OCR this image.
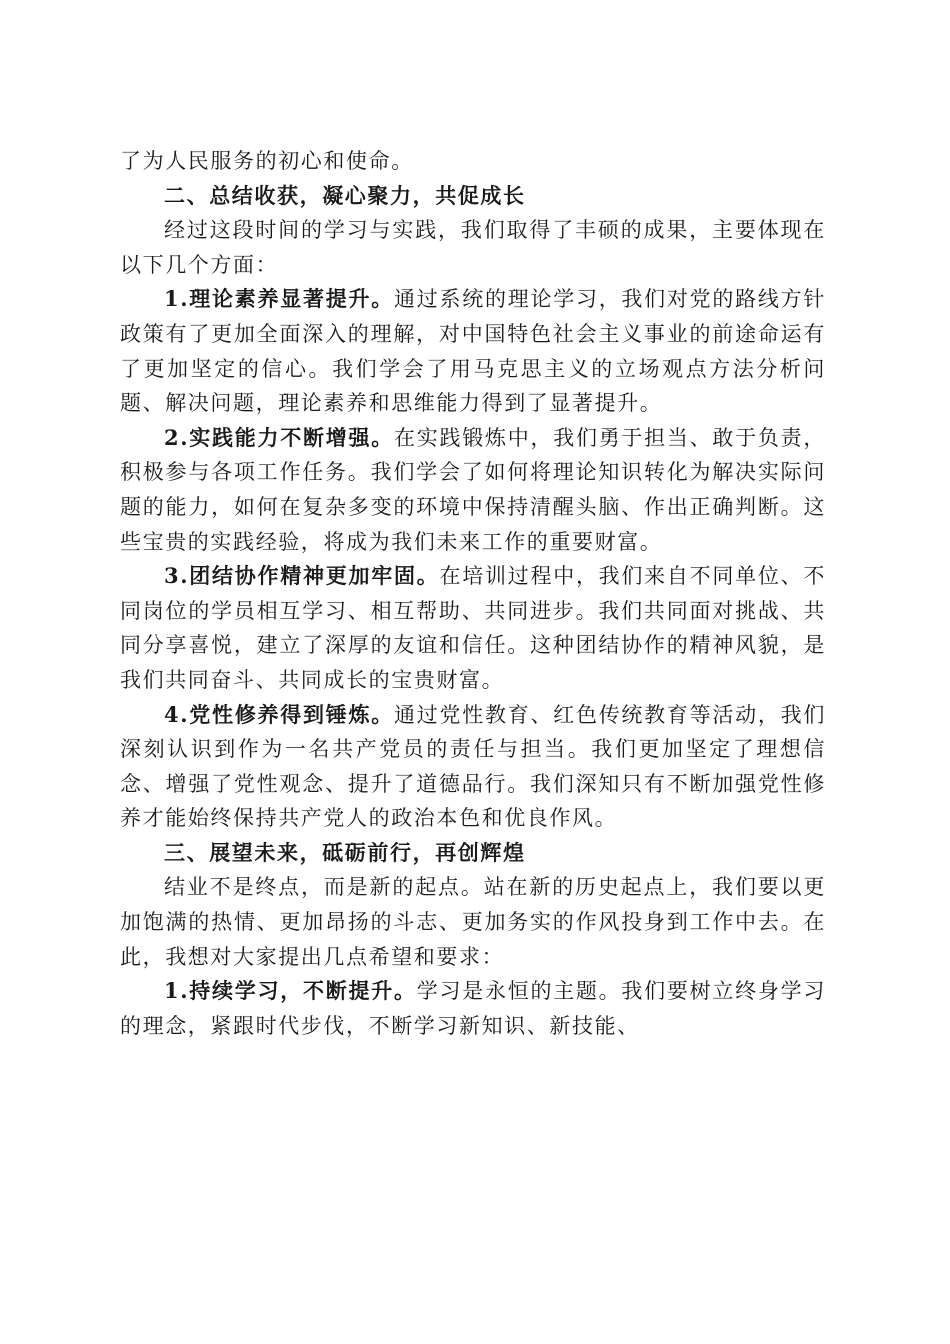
了为人民服务的初心和使命。

二、总结收获，凝心聚力，共促成长

经过这段时间的学习与实践，我们取得了丰硕的成果，主要体现在以下几个方面：

1.理论素养显著提升。通过系统的理论学习，我们对党的路线方针政策有了更加全面深入的理解，对中国特色社会主义事业的前途命运有了更加坚定的信心。我们学会了用马克思主义的立场观点方法分析问题、解决问题，理论素养和思维能力得到了显著提升。

2.实践能力不断增强。在实践锻炼中，我们勇于担当、敢于负责，积极参与各项工作任务。我们学会了如何将理论知识转化为解决实际问题的能力，如何在复杂多变的环境中保持清醒头脑、作出正确判断。这些宝贵的实践经验，将成为我们未来工作的重要财富。

3.团结协作精神更加牢固。在培训过程中，我们来自不同单位、不同岗位的学员相互学习、相互帮助、共同进步。我们共同面对挑战、共同分享喜悦，建立了深厚的友谊和信任。这种团结协作的精神风貌，是我们共同奋斗、共同成长的宝贵财富。

4.党性修养得到锤炼。通过党性教育、红色传统教育等活动，我们深刻认识到作为一名共产党员的责任与担当。我们更加坚定了理想信念、增强了党性观念、提升了道德品行。我们深知只有不断加强党性修养才能始终保持共产党人的政治本色和优良作风。

三、展望未来，砥砺前行，再创辉煌

结业不是终点，而是新的起点。站在新的历史起点上，我们要以更加饱满的热情、更加昂扬的斗志、更加务实的作风投身到工作中去。在此，我想对大家提出几点希望和要求：

1.持续学习，不断提升。学习是永恒的主题。我们要树立终身学习的理念，紧跟时代步伐，不断学习新知识、新技能、
